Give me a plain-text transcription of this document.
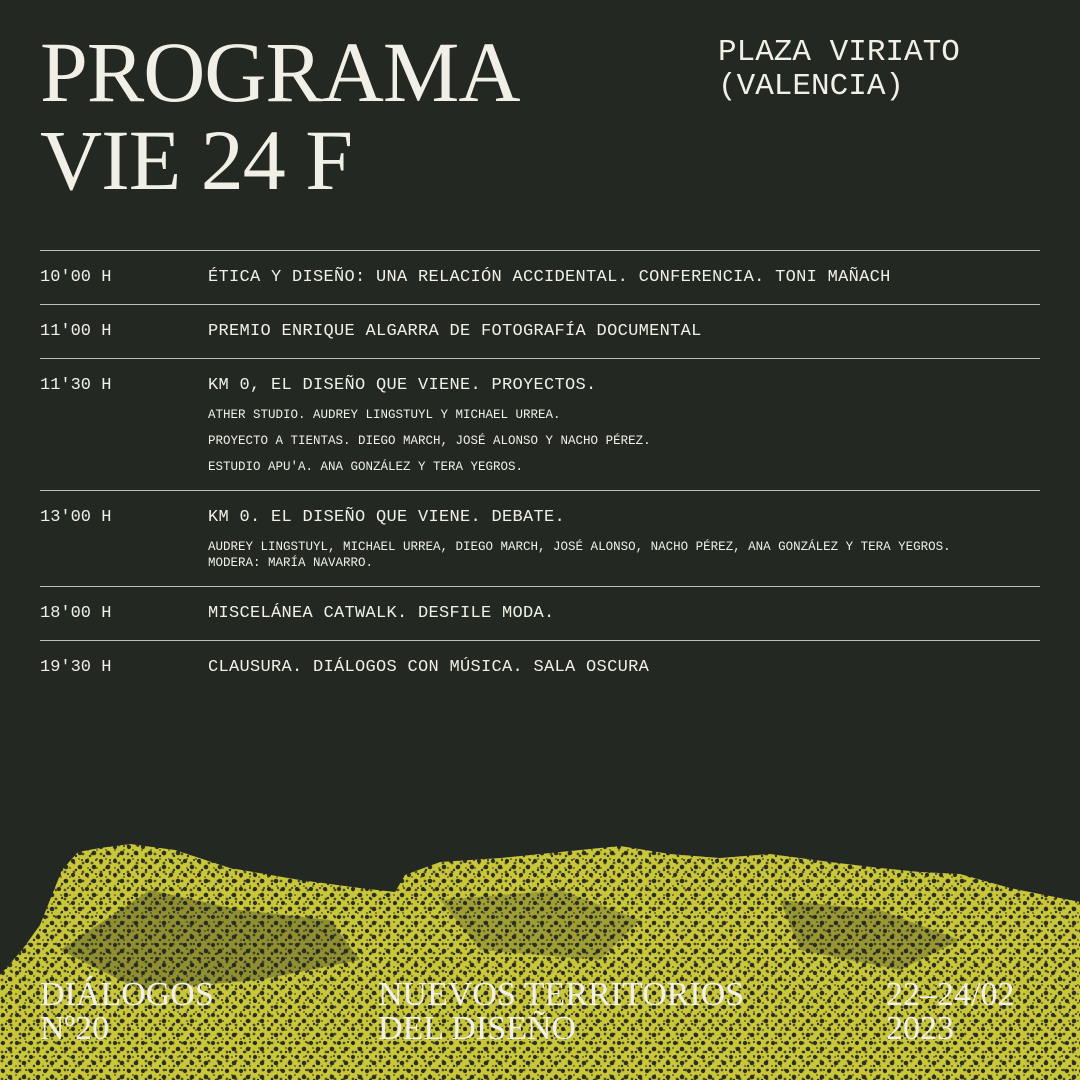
PROGRAMA
VIE 24 F
PLAZA VIRIATO
(VALENCIA)
10'00 H	ÉTICA Y DISEÑO: UNA RELACIÓN ACCIDENTAL. CONFERENCIA. TONI MAÑACH
11'00 H	PREMIO ENRIQUE ALGARRA DE FOTOGRAFÍA DOCUMENTAL
11'30 H	KM 0, EL DISEÑO QUE VIENE. PROYECTOS.
ATHER STUDIO. AUDREY LINGSTUYL Y MICHAEL URREA.
PROYECTO A TIENTAS. DIEGO MARCH, JOSÉ ALONSO Y NACHO PÉREZ.
ESTUDIO APU'A. ANA GONZÁLEZ Y TERA YEGROS.
13'00 H	KM 0. EL DISEÑO QUE VIENE. DEBATE.
AUDREY LINGSTUYL, MICHAEL URREA, DIEGO MARCH, JOSÉ ALONSO, NACHO PÉREZ, ANA GONZÁLEZ Y TERA YEGROS.
MODERA: MARÍA NAVARRO.
18'00 H	MISCELÁNEA CATWALK. DESFILE MODA.
19'30 H	CLAUSURA. DIÁLOGOS CON MÚSICA. SALA OSCURA
DIÁLOGOS
Nº20
NUEVOS TERRITORIOS
DEL DISEÑO
22–24/02
2023
